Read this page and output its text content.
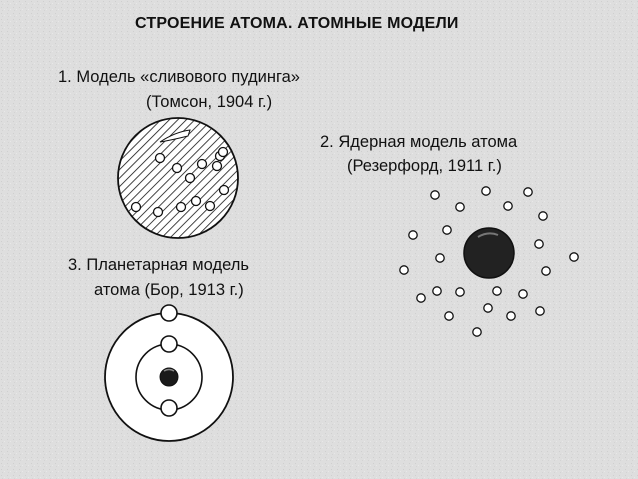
СТРОЕНИЕ АТОМА. АТОМНЫЕ МОДЕЛИ
1. Модель «сливового пудинга»
(Томсон, 1904 г.)
2. Ядерная модель атома
(Резерфорд, 1911 г.)
3. Планетарная модель
атома (Бор, 1913 г.)
